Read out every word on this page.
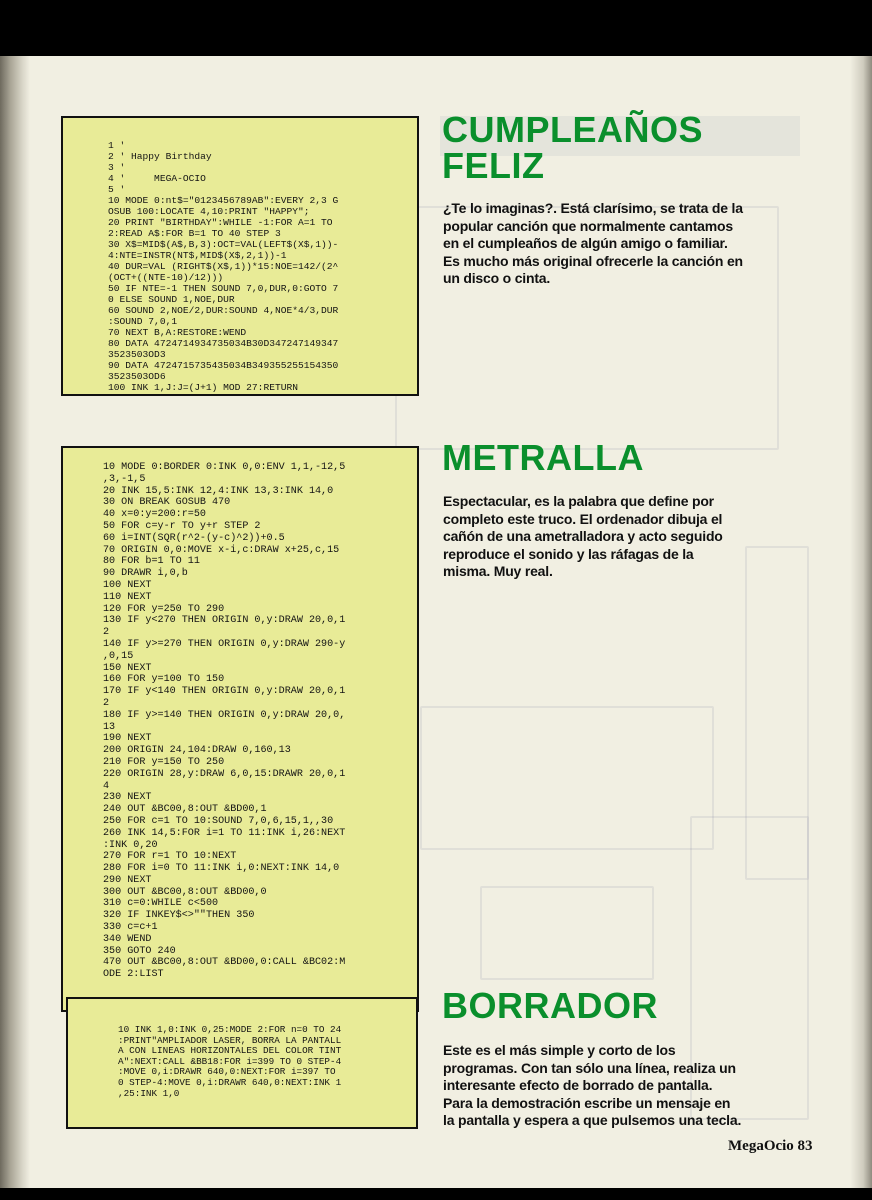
1 '
2 ' Happy Birthday
3 '
4 '     MEGA-OCIO
5 '
10 MODE 0:nt$="0123456789AB":EVERY 2,3 G
OSUB 100:LOCATE 4,10:PRINT "HAPPY";
20 PRINT "BIRTHDAY":WHILE -1:FOR A=1 TO
2:READ A$:FOR B=1 TO 40 STEP 3
30 X$=MID$(A$,B,3):OCT=VAL(LEFT$(X$,1))-
4:NTE=INSTR(NT$,MID$(X$,2,1))-1
40 DUR=VAL (RIGHT$(X$,1))*15:NOE=142/(2^
(OCT+((NTE-10)/12)))
50 IF NTE=-1 THEN SOUND 7,0,DUR,0:GOTO 7
0 ELSE SOUND 1,NOE,DUR
60 SOUND 2,NOE/2,DUR:SOUND 4,NOE*4/3,DUR
:SOUND 7,0,1
70 NEXT B,A:RESTORE:WEND
80 DATA 4724714934735034B30D347247149347
3523503OD3
90 DATA 4724715735435034B349355255154350
3523503OD6
100 INK 1,J:J=(J+1) MOD 27:RETURN
CUMPLEAÑOS
FELIZ

¿Te lo imaginas?. Está clarísimo, se trata de la popular canción que normalmente cantamos en el cumpleaños de algún amigo o familiar. Es mucho más original ofrecerle la canción en un disco o cinta.

10 MODE 0:BORDER 0:INK 0,0:ENV 1,1,-12,5
,3,-1,5
20 INK 15,5:INK 12,4:INK 13,3:INK 14,0
30 ON BREAK GOSUB 470
40 x=0:y=200:r=50
50 FOR c=y-r TO y+r STEP 2
60 i=INT(SQR(r^2-(y-c)^2))+0.5
70 ORIGIN 0,0:MOVE x-i,c:DRAW x+25,c,15
80 FOR b=1 TO 11
90 DRAWR i,0,b
100 NEXT
110 NEXT
120 FOR y=250 TO 290
130 IF y<270 THEN ORIGIN 0,y:DRAW 20,0,1
2
140 IF y>=270 THEN ORIGIN 0,y:DRAW 290-y
,0,15
150 NEXT
160 FOR y=100 TO 150
170 IF y<140 THEN ORIGIN 0,y:DRAW 20,0,1
2
180 IF y>=140 THEN ORIGIN 0,y:DRAW 20,0,
13
190 NEXT
200 ORIGIN 24,104:DRAW 0,160,13
210 FOR y=150 TO 250
220 ORIGIN 28,y:DRAW 6,0,15:DRAWR 20,0,1
4
230 NEXT
240 OUT &BC00,8:OUT &BD00,1
250 FOR c=1 TO 10:SOUND 7,0,6,15,1,,30
260 INK 14,5:FOR i=1 TO 11:INK i,26:NEXT
:INK 0,20
270 FOR r=1 TO 10:NEXT
280 FOR i=0 TO 11:INK i,0:NEXT:INK 14,0
290 NEXT
300 OUT &BC00,8:OUT &BD00,0
310 c=0:WHILE c<500
320 IF INKEY$<>""THEN 350
330 c=c+1
340 WEND
350 GOTO 240
470 OUT &BC00,8:OUT &BD00,0:CALL &BC02:M
ODE 2:LIST
METRALLA

Espectacular, es la palabra que define por completo este truco. El ordenador dibuja el cañón de una ametralladora y acto seguido reproduce el sonido y las ráfagas de la misma. Muy real.

10 INK 1,0:INK 0,25:MODE 2:FOR n=0 TO 24
:PRINT"AMPLIADOR LASER, BORRA LA PANTALL
A CON LINEAS HORIZONTALES DEL COLOR TINT
A":NEXT:CALL &BB18:FOR i=399 TO 0 STEP-4
:MOVE 0,i:DRAWR 640,0:NEXT:FOR i=397 TO
0 STEP-4:MOVE 0,i:DRAWR 640,0:NEXT:INK 1
,25:INK 1,0
BORRADOR

Este es el más simple y corto de los programas. Con tan sólo una línea, realiza un interesante efecto de borrado de pantalla. Para la demostración escribe un mensaje en la pantalla y espera a que pulsemos una tecla.

MegaOcio 83
